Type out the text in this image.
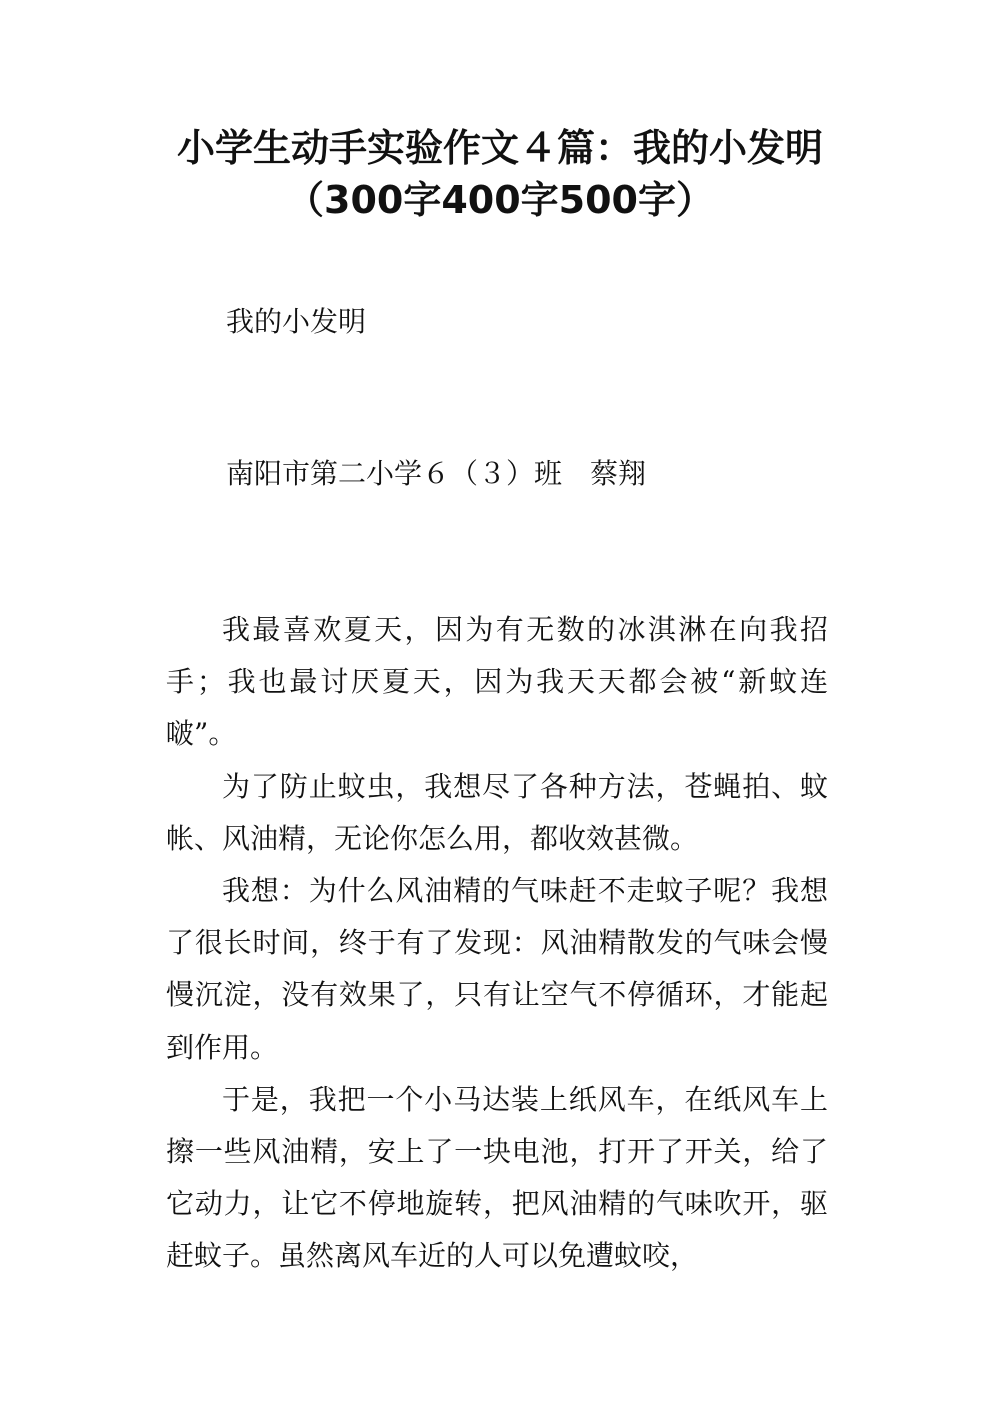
小学生动手实验作文４篇：我的小发明（300字400字500字）

我的小发明

南阳市第二小学６（３）班　蔡翔

我最喜欢夏天，因为有无数的冰淇淋在向我招手；我也最讨厌夏天，因为我天天都会被“新蚊连啵”。

为了防止蚊虫，我想尽了各种方法，苍蝇拍、蚊帐、风油精，无论你怎么用，都收效甚微。

我想：为什么风油精的气味赶不走蚊子呢？我想了很长时间，终于有了发现：风油精散发的气味会慢慢沉淀，没有效果了，只有让空气不停循环，才能起到作用。

于是，我把一个小马达装上纸风车，在纸风车上擦一些风油精，安上了一块电池，打开了开关，给了它动力，让它不停地旋转，把风油精的气味吹开，驱赶蚊子。虽然离风车近的人可以免遭蚊咬，
